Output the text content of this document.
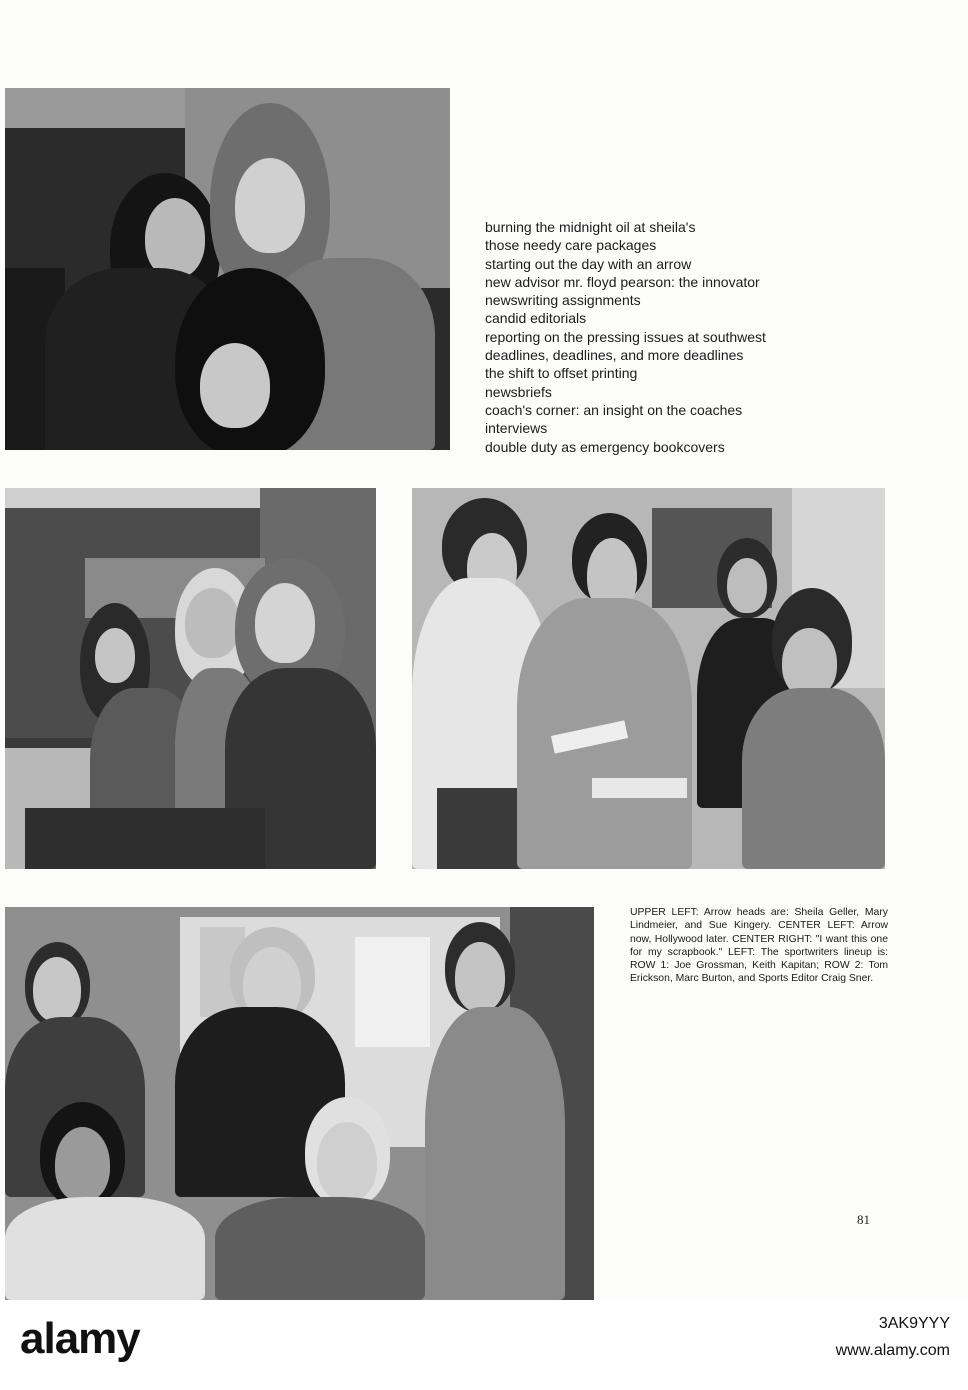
burning the midnight oil at sheila's
those needy care packages
starting out the day with an arrow
new advisor mr. floyd pearson: the innovator
newswriting assignments
candid editorials
reporting on the pressing issues at southwest
deadlines, deadlines, and more deadlines
the shift to offset printing
newsbriefs
coach's corner: an insight on the coaches
interviews
double duty as emergency bookcovers

UPPER LEFT: Arrow heads are: Sheila Geller, Mary Lindmeier, and Sue Kingery. CENTER LEFT: Arrow now, Hollywood later. CENTER RIGHT: "I want this one for my scrapbook." LEFT: The sportwriters lineup is: ROW 1: Joe Grossman, Keith Kapitan; ROW 2: Tom Erickson, Marc Burton, and Sports Editor Craig Sner.

81
alamy	3AK9YYY
www.alamy.com
